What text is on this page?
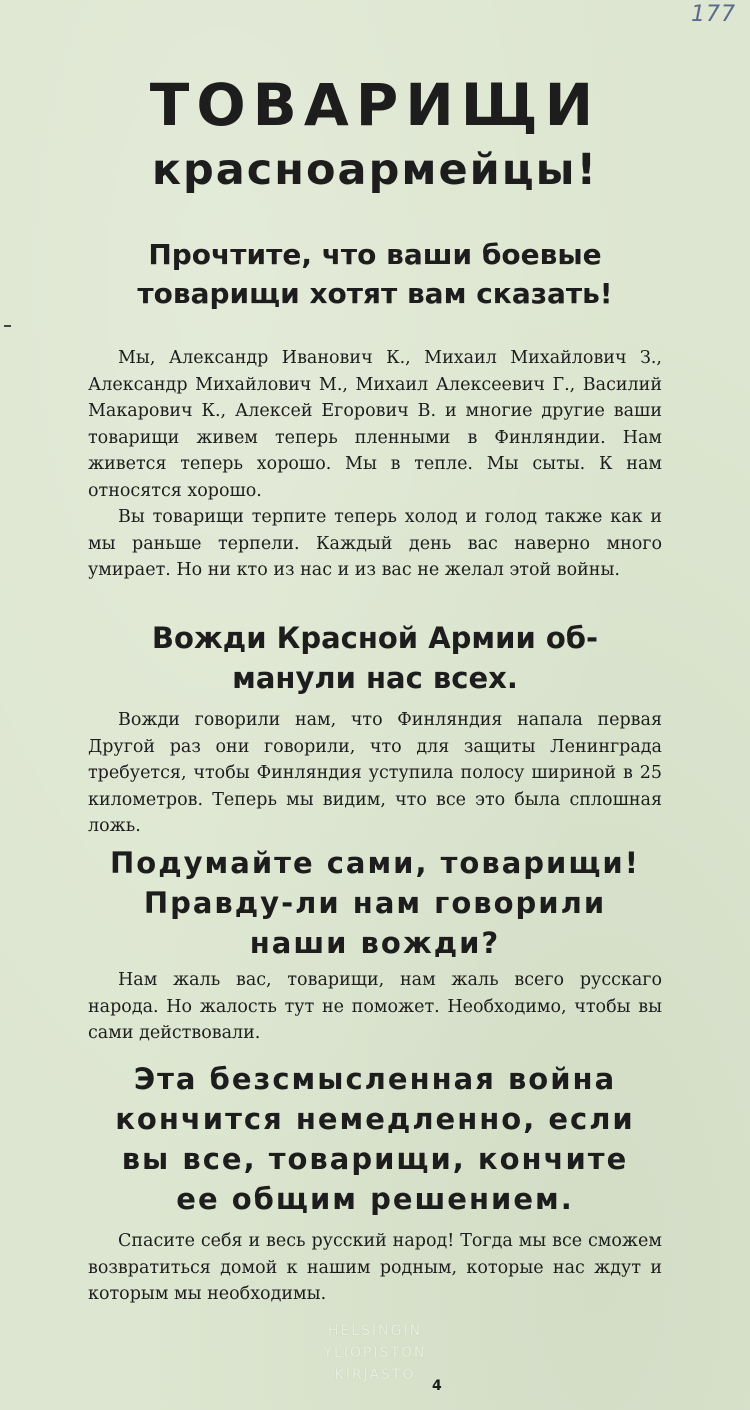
177
ТОВАРИЩИ
красноармейцы!
Прочтите, что ваши боевые
товарищи хотят вам сказать!

Мы, Александр Иванович К., Михаил Михайлович З., Александр Михайлович М., Михаил Алексеевич Г., Василий Макарович К., Алексей Егорович В. и многие другие ваши товарищи живем теперь пленными в Финляндии. Нам живется теперь хорошо. Мы в тепле. Мы сыты. К нам относятся хорошо.

Вы товарищи терпите теперь холод и голод также как и мы раньше терпели. Каждый день вас наверно много умирает. Но ни кто из нас и из вас не желал этой войны.

Вожди Красной Армии об-
манули нас всех.

Вожди говорили нам, что Финляндия напала первая Другой раз они говорили, что для защиты Ленинграда требуется, чтобы Финляндия уступила полосу шириной в 25 километров. Теперь мы видим, что все это была сплошная ложь.

Подумайте сами, товарищи!
Правду-ли нам говорили
наши вожди?

Нам жаль вас, товарищи, нам жаль всего русскаго народа. Но жалость тут не поможет. Необходимо, чтобы вы сами действовали.

Эта безсмысленная война
кончится немедленно, если
вы все, товарищи, кончите
ее общим решением.

Спасите себя и весь русский народ! Тогда мы все сможем возвратиться домой к нашим родным, которые нас ждут и которым мы необходимы.

HELSINGIN
YLIOPISTON
KIRJASTO
4
